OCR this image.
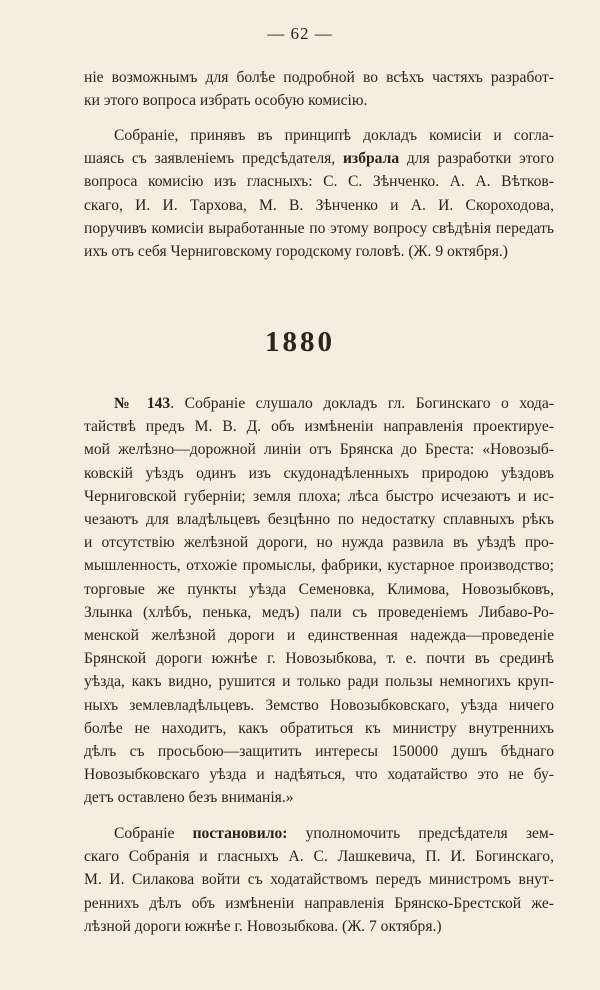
— 62 —
ніе возможнымъ для болѣе подробной во всѣхъ частяхъ разработ-
ки этого вопроса избрать особую комисію.
Собраніе, принявъ въ принципѣ докладъ комисіи и согла-
шаясь съ заявленіемъ предсѣдателя, избрала для разработки этого
вопроса комисію изъ гласныхъ: С. С. Зѣнченко. А. А. Вѣтков-
скаго, И. И. Тархова, М. В. Зѣнченко и А. И. Скороходова,
поручивъ комисіи выработанные по этому вопросу свѣдѣнія передать
ихъ отъ себя Черниговскому городскому головѣ. (Ж. 9 октября.)
1880
№ 143. Собраніе слушало докладъ гл. Богинскаго о хода-
тайствѣ предъ М. В. Д. объ измѣненіи направленія проектируе-
мой желѣзно—дорожной линіи отъ Брянска до Бреста: «Новозыб-
ковскій уѣздъ одинъ изъ скудонадѣленныхъ природою уѣздовъ
Черниговской губерніи; земля плоха; лѣса быстро исчезаютъ и ис-
чезаютъ для владѣльцевъ безцѣнно по недостатку сплавныхъ рѣкъ
и отсутствію желѣзной дороги, но нужда развила въ уѣздѣ про-
мышленность, отхожіе промыслы, фабрики, кустарное производство;
торговые же пункты уѣзда Семеновка, Климова, Новозыбковъ,
Злынка (хлѣбъ, пенька, медъ) пали съ проведеніемъ Либаво-Ро-
менской желѣзной дороги и единственная надежда—проведеніе
Брянской дороги южнѣе г. Новозыбкова, т. е. почти въ срединѣ
уѣзда, какъ видно, рушится и только ради пользы немногихъ круп-
ныхъ землевладѣльцевъ. Земство Новозыбковскаго, уѣзда ничего
болѣе не находитъ, какъ обратиться къ министру внутреннихъ
дѣлъ съ просьбою—защитить интересы 150000 душъ бѣднаго
Новозыбковскаго уѣзда и надѣяться, что ходатайство это не бу-
детъ оставлено безъ вниманія.»
Собраніе постановило: уполномочить предсѣдателя зем-
скаго Собранія и гласныхъ А. С. Лашкевича, П. И. Богинскаго,
М. И. Силакова войти съ ходатайствомъ передъ министромъ внут-
реннихъ дѣлъ объ измѣненіи направленія Брянско-Брестской же-
лѣзной дороги южнѣе г. Новозыбкова. (Ж. 7 октября.)
